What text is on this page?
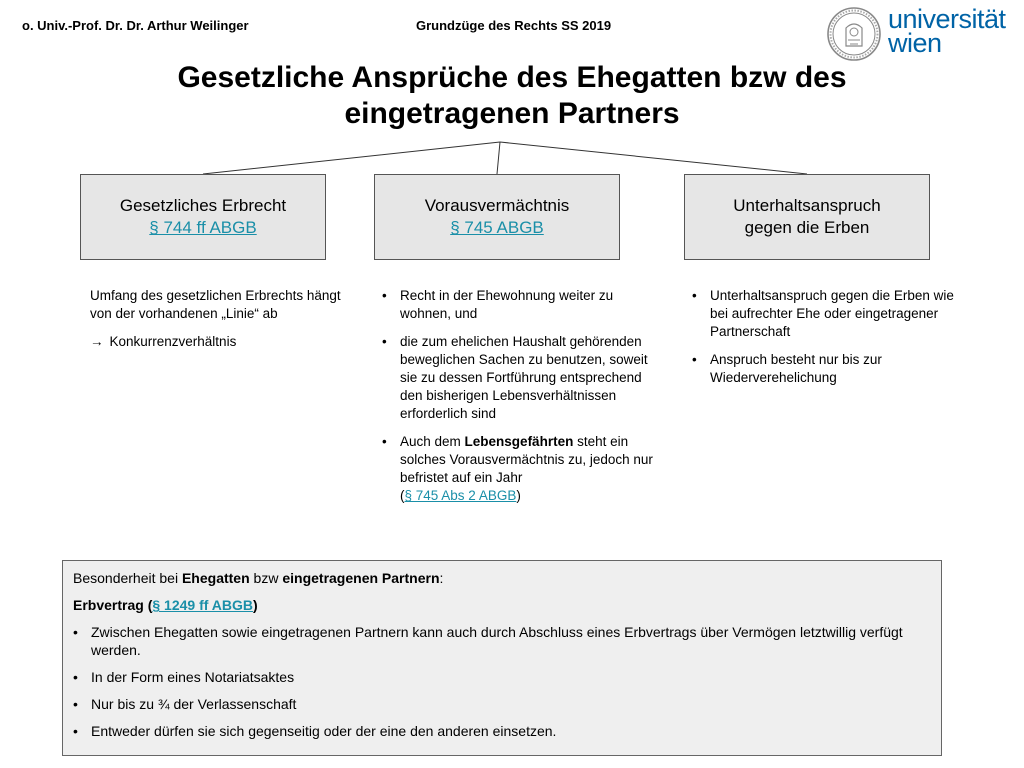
o. Univ.-Prof. Dr. Dr. Arthur Weilinger	Grundzüge des Rechts SS 2019	universität
wien
Gesetzliche Ansprüche des Ehegatten bzw des
eingetragenen Partners
Gesetzliches Erbrecht
§ 744 ff ABGB
Vorausvermächtnis
§ 745 ABGB
Unterhaltsanspruch
gegen die Erben

Umfang des gesetzlichen Erbrechts hängt von der vorhandenen „Linie“ ab

→ Konkurrenzverhältnis

• Recht in der Ehewohnung weiter zu wohnen, und
• die zum ehelichen Haushalt gehörenden beweglichen Sachen zu benutzen, soweit sie zu dessen Fortführung entsprechend den bisherigen Lebensverhältnissen erforderlich sind
• Auch dem Lebensgefährten steht ein solches Vorausvermächtnis zu, jedoch nur befristet auf ein Jahr
(§ 745 Abs 2 ABGB)
• Unterhaltsanspruch gegen die Erben wie bei aufrechter Ehe oder eingetragener Partnerschaft
• Anspruch besteht nur bis zur Wiederverehelichung

Besonderheit bei Ehegatten bzw eingetragenen Partnern:

Erbvertrag (§ 1249 ff ABGB)

• Zwischen Ehegatten sowie eingetragenen Partnern kann auch durch Abschluss eines Erbvertrags über Vermögen letztwillig verfügt werden.
• In der Form eines Notariatsaktes
• Nur bis zu ¾ der Verlassenschaft
• Entweder dürfen sie sich gegenseitig oder der eine den anderen einsetzen.
